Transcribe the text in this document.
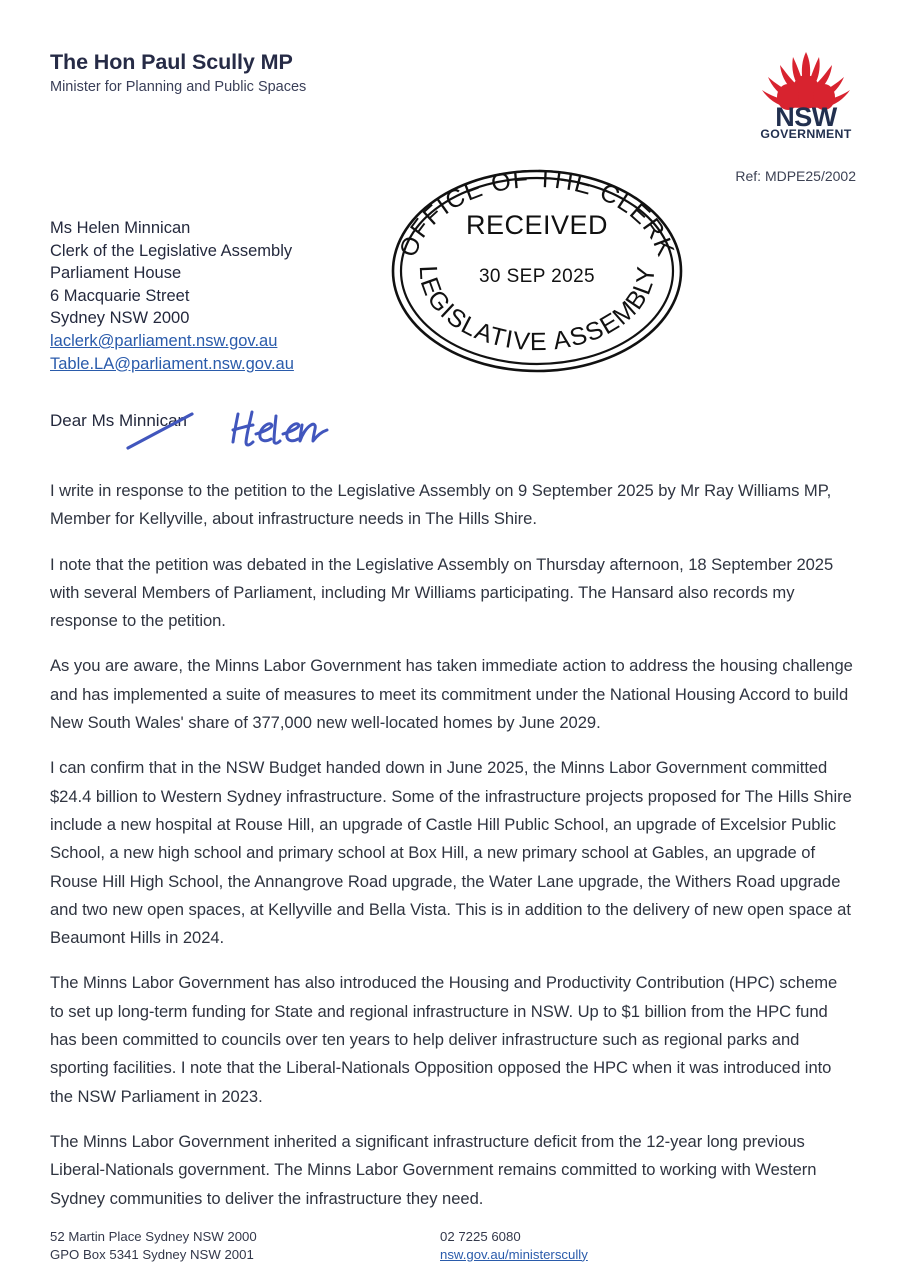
The Hon Paul Scully MP
Minister for Planning and Public Spaces
NSW
GOVERNMENT
Ref: MDPE25/2002
Ms Helen Minnican
Clerk of the Legislative Assembly
Parliament House
6 Macquarie Street
Sydney NSW 2000
laclerk@parliament.nsw.gov.au
Table.LA@parliament.nsw.gov.au
OFFICE OF THE CLERK
LEGISLATIVE ASSEMBLY
RECEIVED
30 SEP 2025
Dear Ms Minnican

I write in response to the petition to the Legislative Assembly on 9 September 2025 by Mr Ray Williams MP, Member for Kellyville, about infrastructure needs in The Hills Shire.

I note that the petition was debated in the Legislative Assembly on Thursday afternoon, 18 September 2025 with several Members of Parliament, including Mr Williams participating. The Hansard also records my response to the petition.

As you are aware, the Minns Labor Government has taken immediate action to address the housing challenge and has implemented a suite of measures to meet its commitment under the National Housing Accord to build New South Wales' share of 377,000 new well-located homes by June 2029.

I can confirm that in the NSW Budget handed down in June 2025, the Minns Labor Government committed $24.4 billion to Western Sydney infrastructure. Some of the infrastructure projects proposed for The Hills Shire include a new hospital at Rouse Hill, an upgrade of Castle Hill Public School, an upgrade of Excelsior Public School, a new high school and primary school at Box Hill, a new primary school at Gables, an upgrade of Rouse Hill High School, the Annangrove Road upgrade, the Water Lane upgrade, the Withers Road upgrade and two new open spaces, at Kellyville and Bella Vista. This is in addition to the delivery of new open space at Beaumont Hills in 2024.

The Minns Labor Government has also introduced the Housing and Productivity Contribution (HPC) scheme to set up long-term funding for State and regional infrastructure in NSW. Up to $1 billion from the HPC fund has been committed to councils over ten years to help deliver infrastructure such as regional parks and sporting facilities. I note that the Liberal-Nationals Opposition opposed the HPC when it was introduced into the NSW Parliament in 2023.

The Minns Labor Government inherited a significant infrastructure deficit from the 12-year long previous Liberal-Nationals government. The Minns Labor Government remains committed to working with Western Sydney communities to deliver the infrastructure they need.

52 Martin Place Sydney NSW 2000
GPO Box 5341 Sydney NSW 2001
02 7225 6080
nsw.gov.au/ministerscully
